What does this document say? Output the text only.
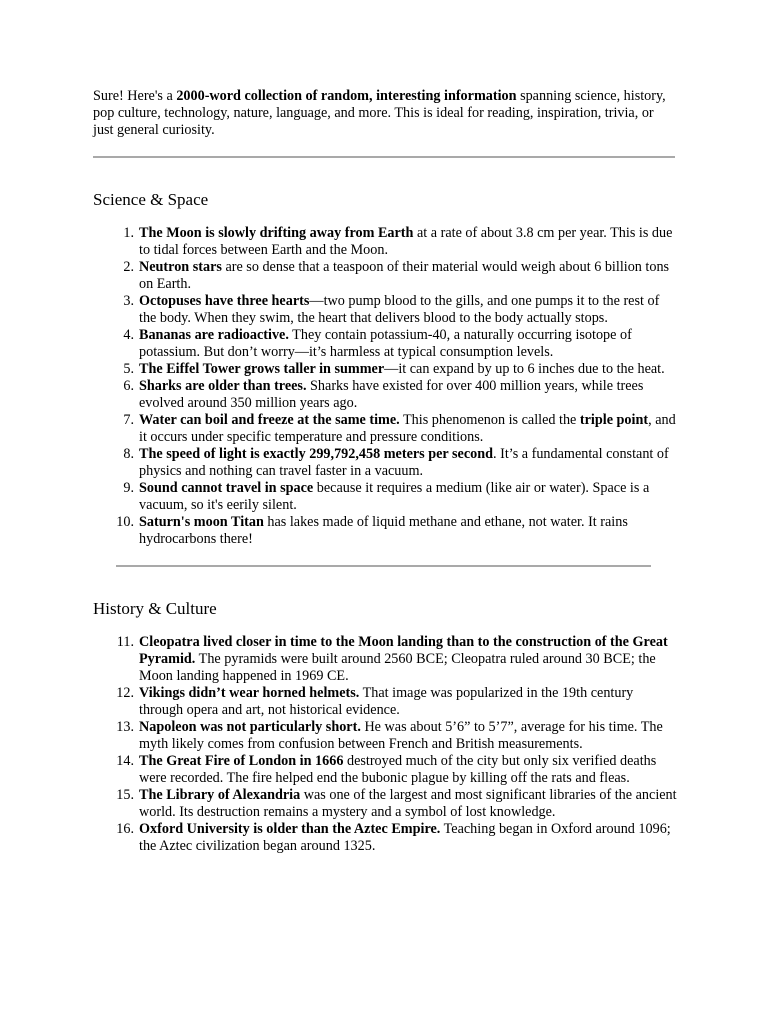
Sure! Here's a 2000-word collection of random, interesting information spanning science, history, pop culture, technology, nature, language, and more. This is ideal for reading, inspiration, trivia, or just general curiosity.

Science & Space
1. The Moon is slowly drifting away from Earth at a rate of about 3.8 cm per year. This is due to tidal forces between Earth and the Moon.
2. Neutron stars are so dense that a teaspoon of their material would weigh about 6 billion tons on Earth.
3. Octopuses have three hearts—two pump blood to the gills, and one pumps it to the rest of the body. When they swim, the heart that delivers blood to the body actually stops.
4. Bananas are radioactive. They contain potassium-40, a naturally occurring isotope of potassium. But don’t worry—it’s harmless at typical consumption levels.
5. The Eiffel Tower grows taller in summer—it can expand by up to 6 inches due to the heat.
6. Sharks are older than trees. Sharks have existed for over 400 million years, while trees evolved around 350 million years ago.
7. Water can boil and freeze at the same time. This phenomenon is called the triple point, and it occurs under specific temperature and pressure conditions.
8. The speed of light is exactly 299,792,458 meters per second. It’s a fundamental constant of physics and nothing can travel faster in a vacuum.
9. Sound cannot travel in space because it requires a medium (like air or water). Space is a vacuum, so it's eerily silent.
10. Saturn's moon Titan has lakes made of liquid methane and ethane, not water. It rains hydrocarbons there!
History & Culture
11. Cleopatra lived closer in time to the Moon landing than to the construction of the Great Pyramid. The pyramids were built around 2560 BCE; Cleopatra ruled around 30 BCE; the Moon landing happened in 1969 CE.
12. Vikings didn’t wear horned helmets. That image was popularized in the 19th century through opera and art, not historical evidence.
13. Napoleon was not particularly short. He was about 5’6” to 5’7”, average for his time. The myth likely comes from confusion between French and British measurements.
14. The Great Fire of London in 1666 destroyed much of the city but only six verified deaths were recorded. The fire helped end the bubonic plague by killing off the rats and fleas.
15. The Library of Alexandria was one of the largest and most significant libraries of the ancient world. Its destruction remains a mystery and a symbol of lost knowledge.
16. Oxford University is older than the Aztec Empire. Teaching began in Oxford around 1096; the Aztec civilization began around 1325.
